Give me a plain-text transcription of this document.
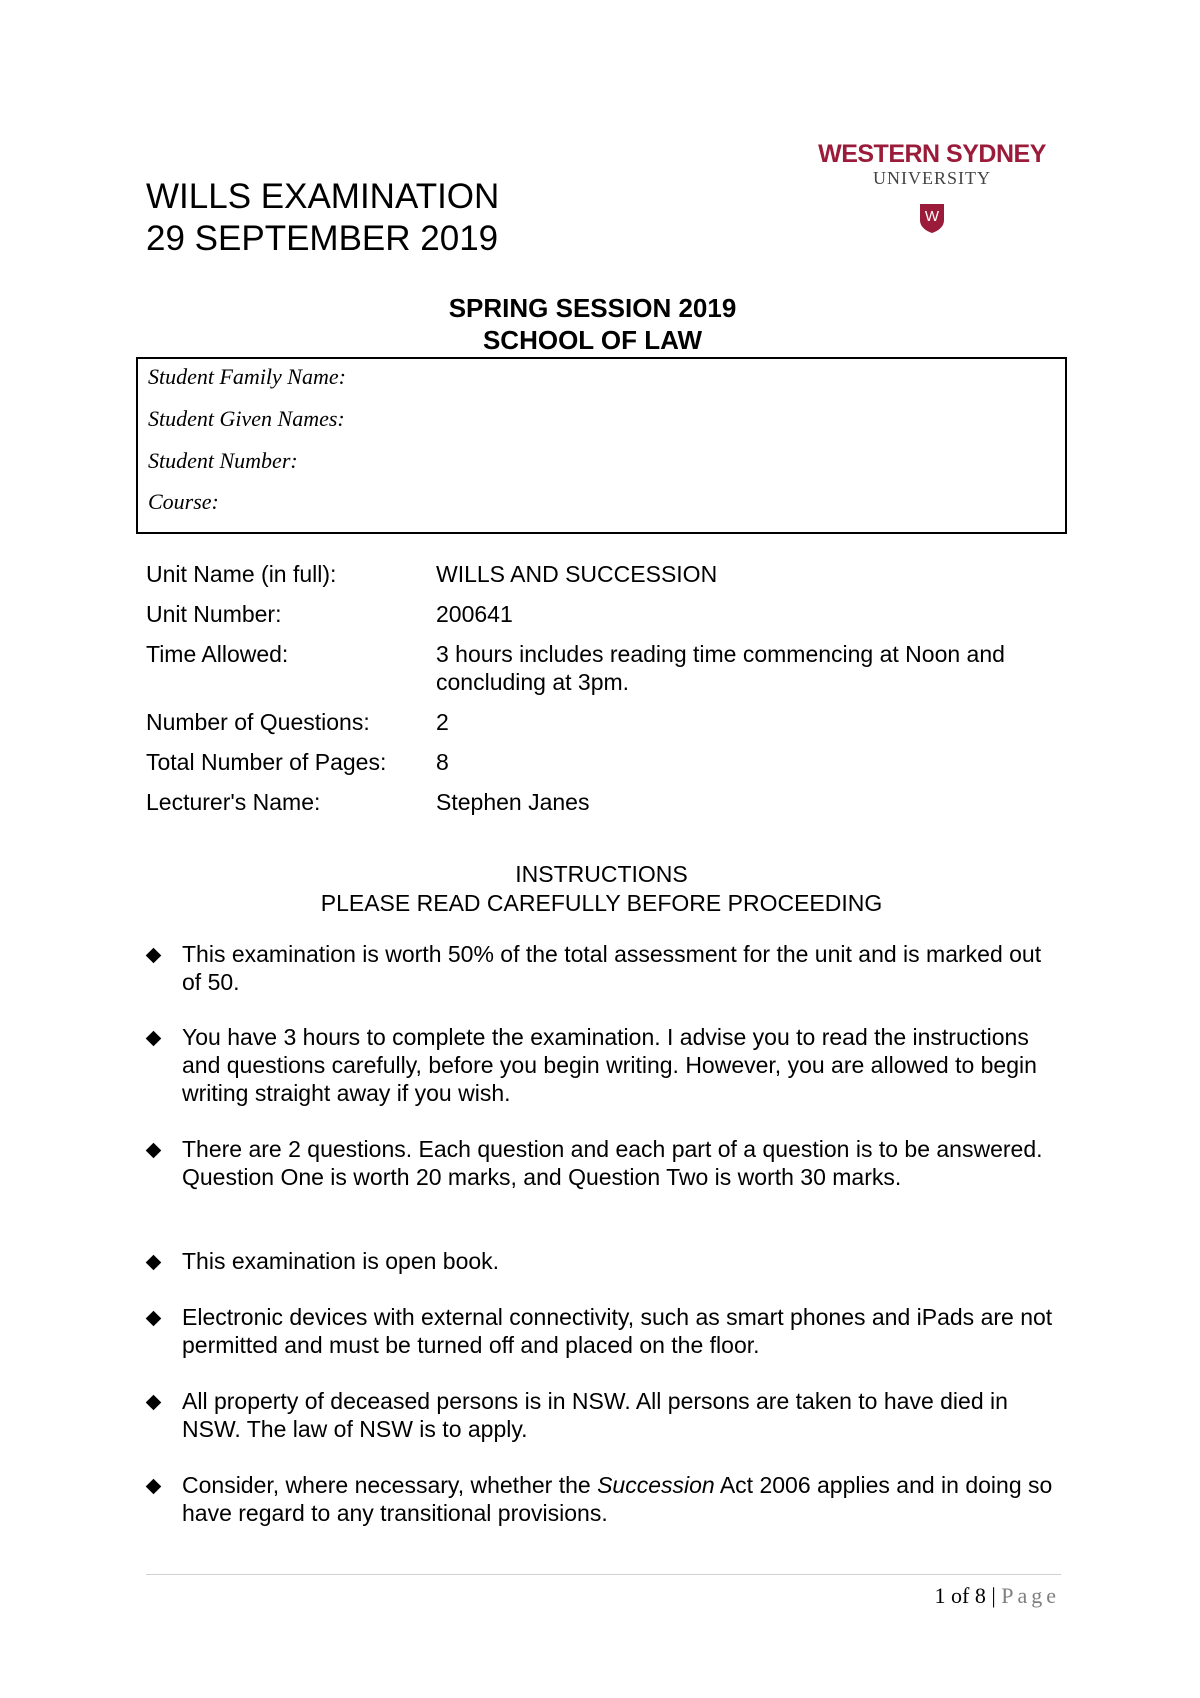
WILLS EXAMINATION
29 SEPTEMBER 2019
WESTERN SYDNEY
UNIVERSITY
W
SPRING SESSION 2019
SCHOOL OF LAW
Student Family Name:
Student Given Names:
Student Number:
Course:
Unit Name (in full):	WILLS AND SUCCESSION
Unit Number:	200641
Time Allowed:	3 hours includes reading time commencing at Noon and concluding at 3pm.
Number of Questions:	2
Total Number of Pages: 8
Lecturer's Name:	Stephen Janes
INSTRUCTIONS
PLEASE READ CAREFULLY BEFORE PROCEEDING
This examination is worth 50% of the total assessment for the unit and is marked out of 50.
You have 3 hours to complete the examination. I advise you to read the instructions and questions carefully, before you begin writing. However, you are allowed to begin writing straight away if you wish.
There are 2 questions. Each question and each part of a question is to be answered. Question One is worth 20 marks, and Question Two is worth 30 marks.
This examination is open book.
Electronic devices with external connectivity, such as smart phones and iPads are not permitted and must be turned off and placed on the floor.
All property of deceased persons is in NSW. All persons are taken to have died in NSW. The law of NSW is to apply.
Consider, where necessary, whether the Succession Act 2006 applies and in doing so have regard to any transitional provisions.
1 of 8 | Page
